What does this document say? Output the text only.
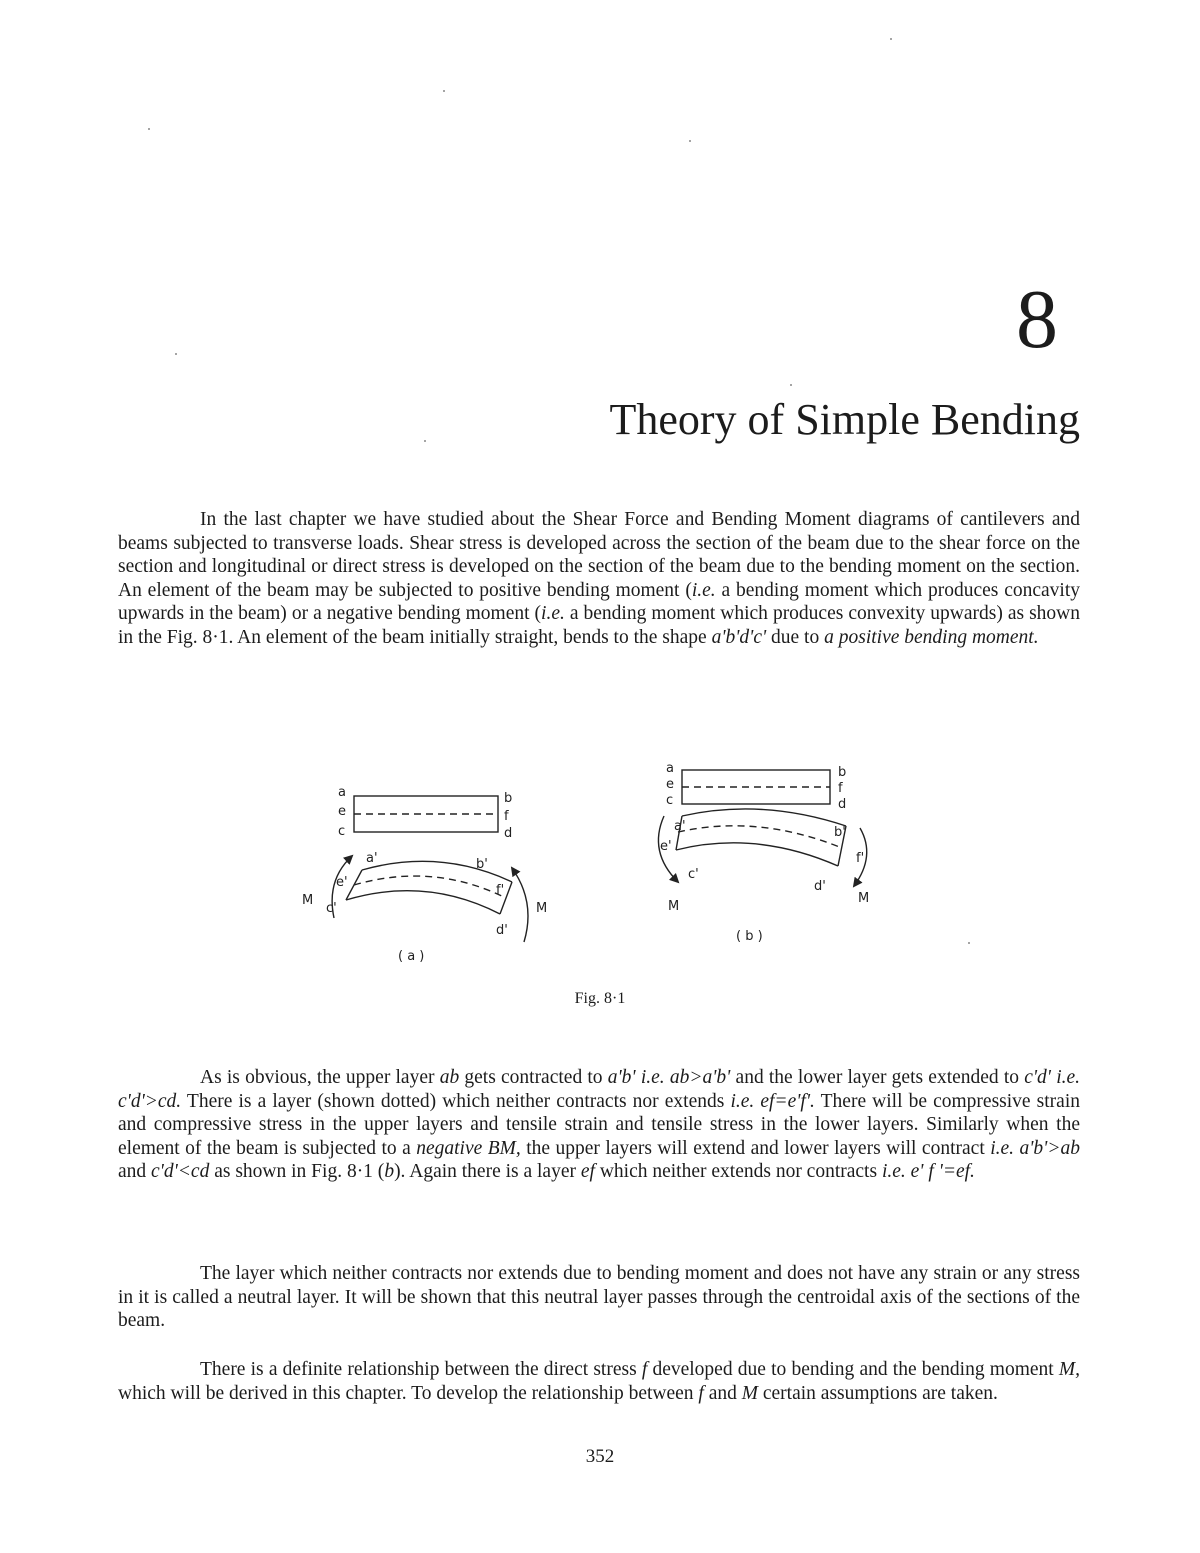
8
Theory of Simple Bending

In the last chapter we have studied about the Shear Force and Bending Moment diagrams of cantilevers and beams subjected to transverse loads. Shear stress is developed across the section of the beam due to the shear force on the section and longitudinal or direct stress is developed on the section of the beam due to the bending moment on the section. An element of the beam may be subjected to positive bending moment (i.e. a bending moment which produces concavity upwards in the beam) or a negative bending moment (i.e. a bending moment which produces convexity upwards) as shown in the Fig. 8·1. An element of the beam initially straight, bends to the shape a'b'd'c' due to a positive bending moment.

a
e
c
b
f
d
a'
e'
c'
b'
f'
d'
M
M
( a )
a
e
c
b
f
d
a'
e'
c'
b'
f'
d'
M
M
( b )
Fig. 8·1

As is obvious, the upper layer ab gets contracted to a'b' i.e. ab>a'b' and the lower layer gets extended to c'd' i.e. c'd'>cd. There is a layer (shown dotted) which neither contracts nor extends i.e. ef=e'f'. There will be compressive strain and compressive stress in the upper layers and tensile strain and tensile stress in the lower layers. Similarly when the element of the beam is subjected to a negative BM, the upper layers will extend and lower layers will contract i.e. a'b'>ab and c'd'<cd as shown in Fig. 8·1 (b). Again there is a layer ef which neither extends nor contracts i.e. e' f '=ef.

The layer which neither contracts nor extends due to bending moment and does not have any strain or any stress in it is called a neutral layer. It will be shown that this neutral layer passes through the centroidal axis of the sections of the beam.

There is a definite relationship between the direct stress f developed due to bending and the bending moment M, which will be derived in this chapter. To develop the relationship between f and M certain assumptions are taken.

352
